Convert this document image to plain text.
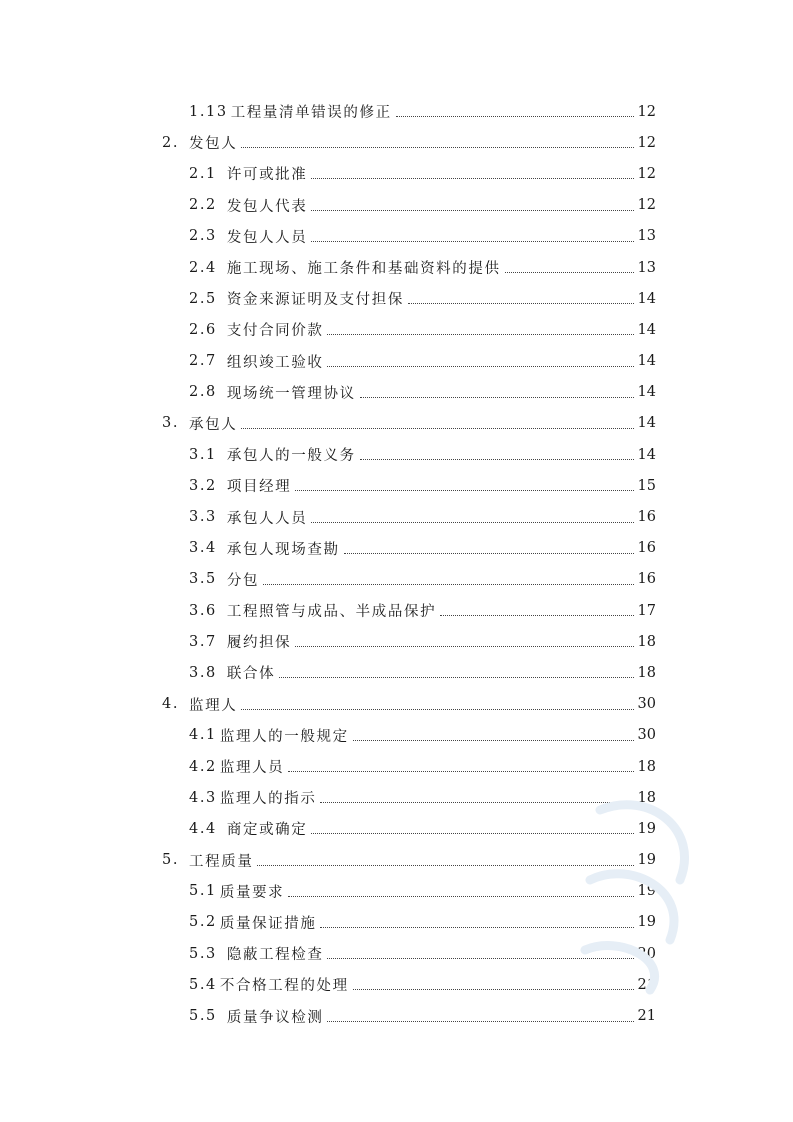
1.13 工程量清单错误的修正	12
2. 发包人	12
2.1 许可或批准	12
2.2 发包人代表	12
2.3 发包人人员	13
2.4 施工现场、施工条件和基础资料的提供	13
2.5 资金来源证明及支付担保	14
2.6 支付合同价款	14
2.7 组织竣工验收	14
2.8 现场统一管理协议	14
3. 承包人	14
3.1 承包人的一般义务	14
3.2 项目经理	15
3.3 承包人人员	16
3.4 承包人现场查勘	16
3.5 分包	16
3.6 工程照管与成品、半成品保护	17
3.7 履约担保	18
3.8 联合体	18
4. 监理人	30
4.1 监理人的一般规定	30
4.2 监理人员	18
4.3 监理人的指示	18
4.4 商定或确定	19
5. 工程质量	19
5.1 质量要求	19
5.2 质量保证措施	19
5.3 隐蔽工程检查	20
5.4 不合格工程的处理	21
5.5 质量争议检测	21
